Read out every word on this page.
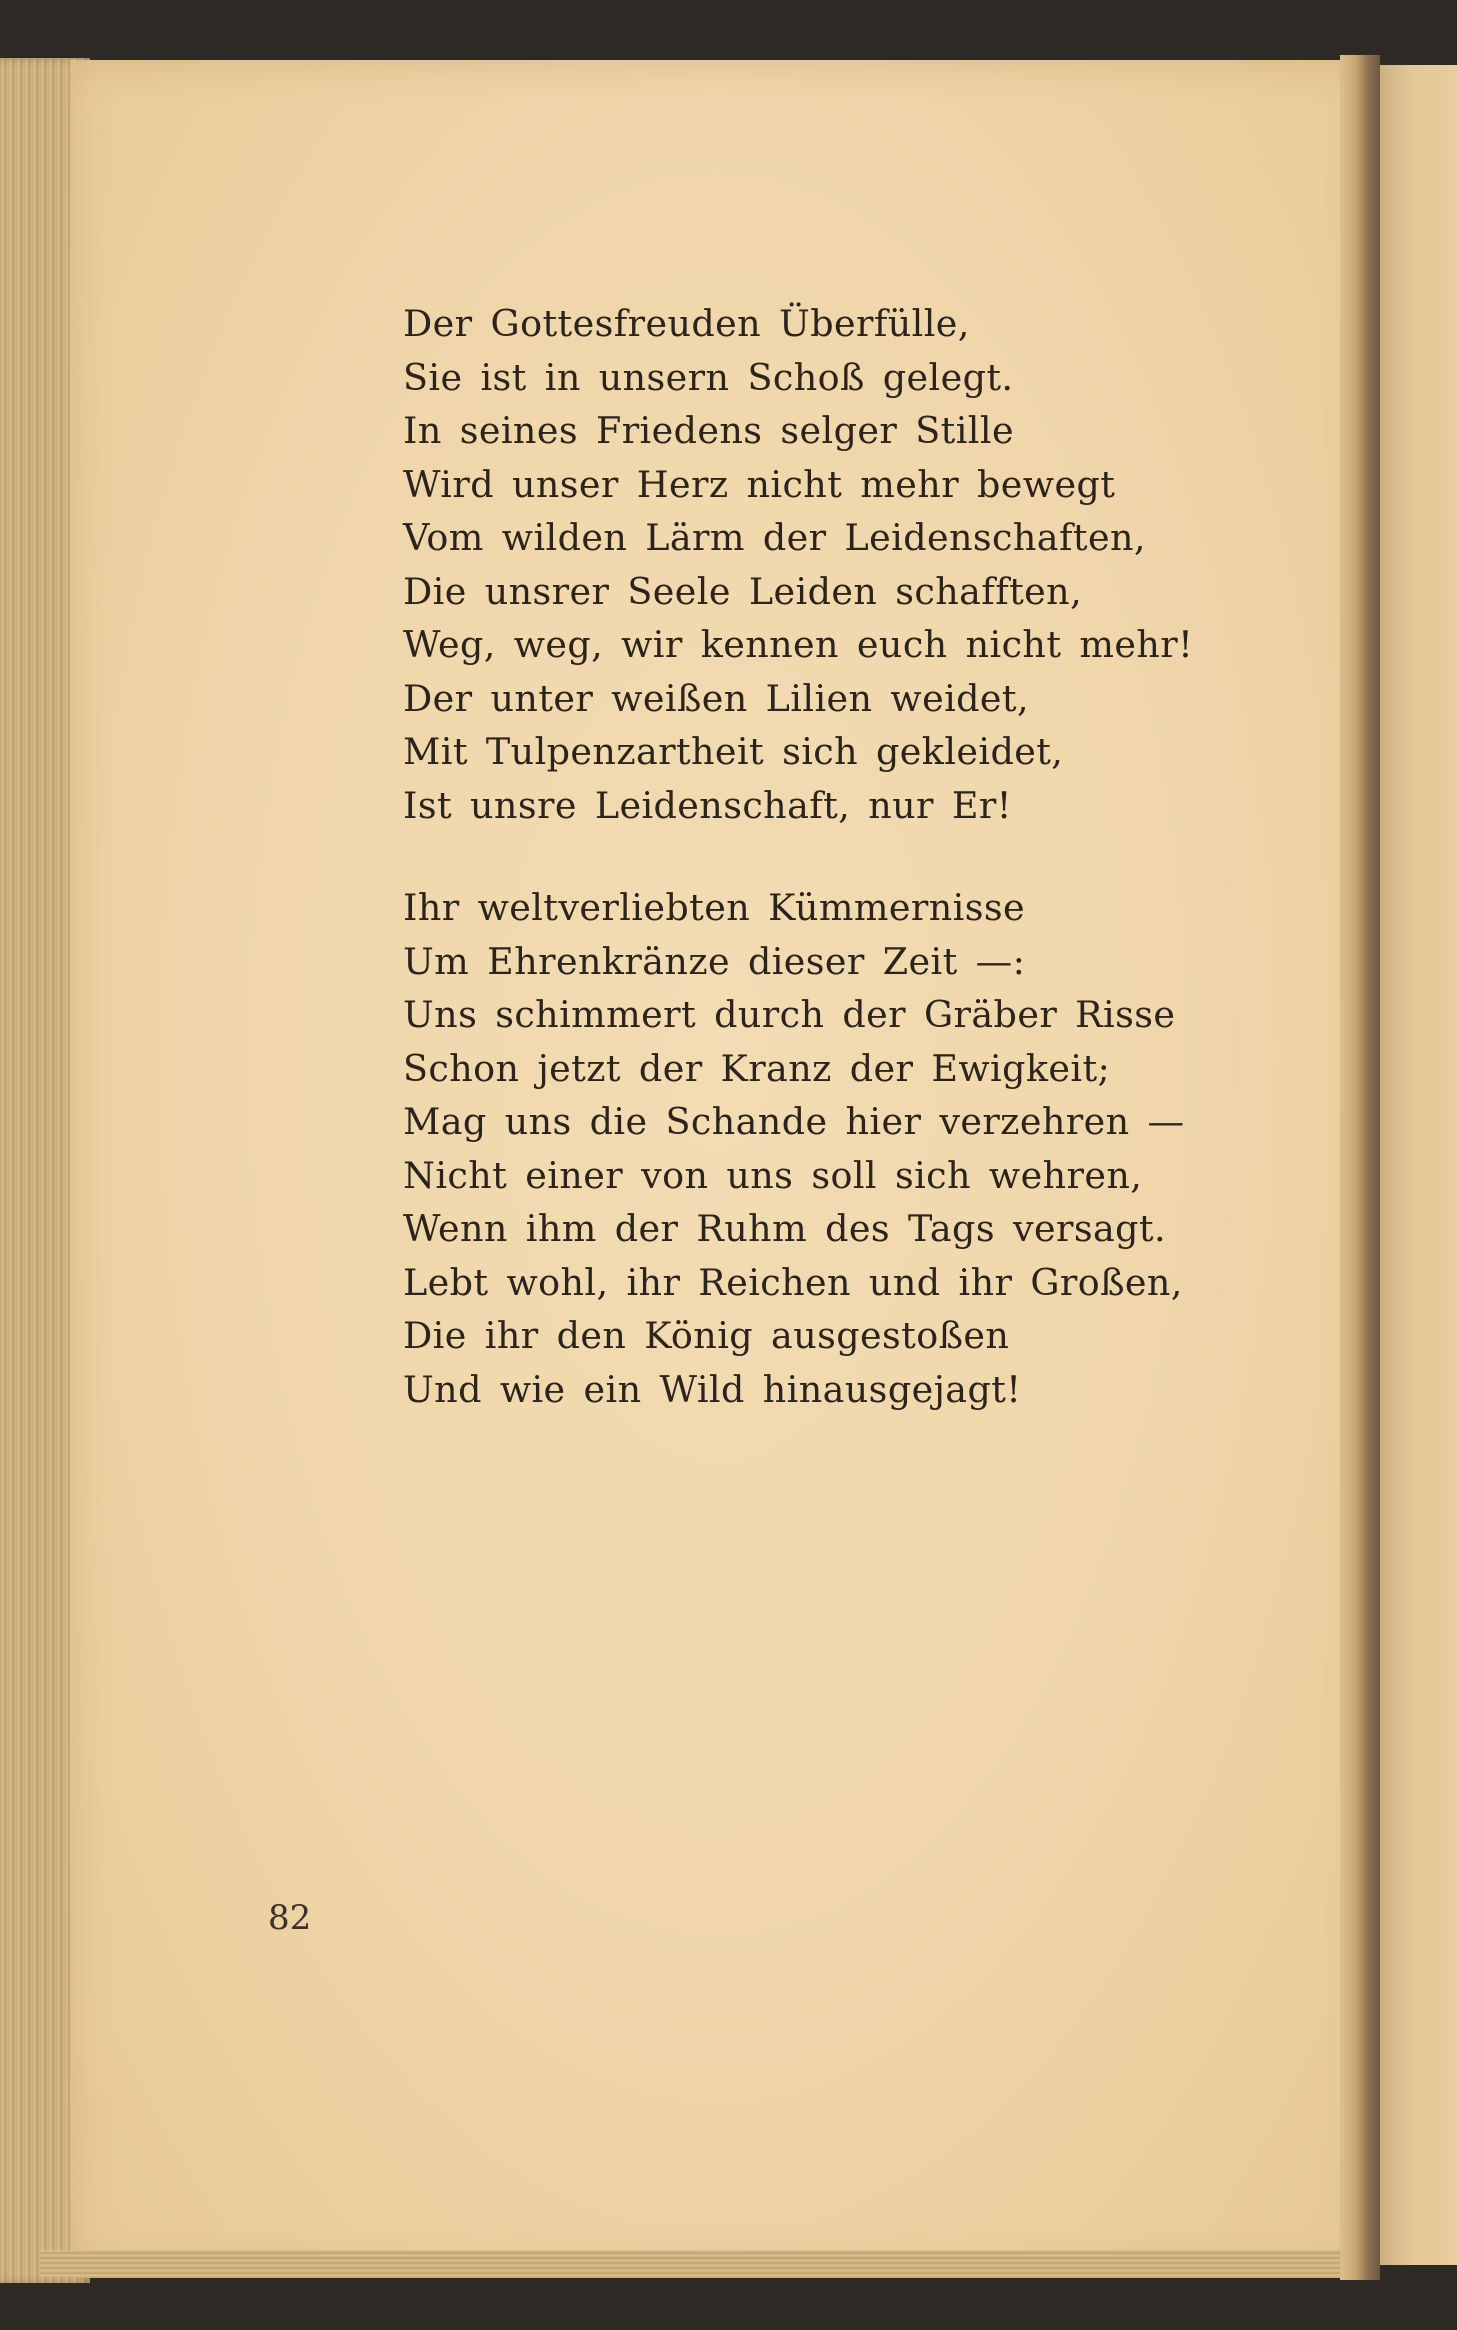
Der Gottesfreuden Überfülle,
Sie ist in unsern Schoß gelegt.
In seines Friedens selger Stille
Wird unser Herz nicht mehr bewegt
Vom wilden Lärm der Leidenschaften,
Die unsrer Seele Leiden schafften,
Weg, weg, wir kennen euch nicht mehr!
Der unter weißen Lilien weidet,
Mit Tulpenzartheit sich gekleidet,
Ist unsre Leidenschaft, nur Er!

Ihr weltverliebten Kümmernisse
Um Ehrenkränze dieser Zeit —:
Uns schimmert durch der Gräber Risse
Schon jetzt der Kranz der Ewigkeit;
Mag uns die Schande hier verzehren —
Nicht einer von uns soll sich wehren,
Wenn ihm der Ruhm des Tags versagt.
Lebt wohl, ihr Reichen und ihr Großen,
Die ihr den König ausgestoßen
Und wie ein Wild hinausgejagt!

82
